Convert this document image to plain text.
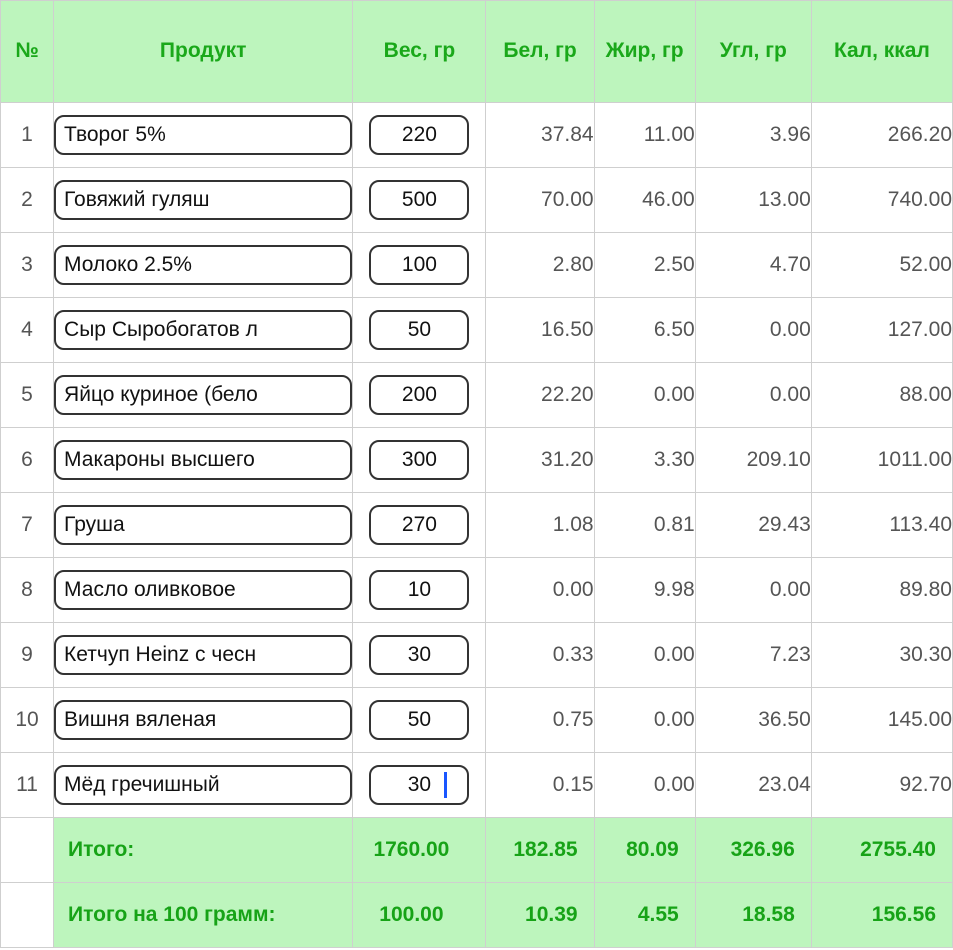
№	Продукт	Вес, гр	Бел, гр	Жир, гр	Угл, гр	Кал, ккал
1	Творог 5%	220	37.84	11.00	3.96	266.20
2	Говяжий гуляш	500	70.00	46.00	13.00	740.00
3	Молоко 2.5%	100	2.80	2.50	4.70	52.00
4	Сыр Сыробогатов л	50	16.50	6.50	0.00	127.00
5	Яйцо куриное (белo	200	22.20	0.00	0.00	88.00
6	Макароны высшего	300	31.20	3.30	209.10	1011.00
7	Груша	270	1.08	0.81	29.43	113.40
8	Масло оливковое	10	0.00	9.98	0.00	89.80
9	Кетчуп Heinz с чесн	30	0.33	0.00	7.23	30.30
10	Вишня вяленая	50	0.75	0.00	36.50	145.00
11	Мёд гречишный	30	0.15	0.00	23.04	92.70
	Итого:	1760.00	182.85	80.09	326.96	2755.40
	Итого на 100 грамм:	100.00	10.39	4.55	18.58	156.56
